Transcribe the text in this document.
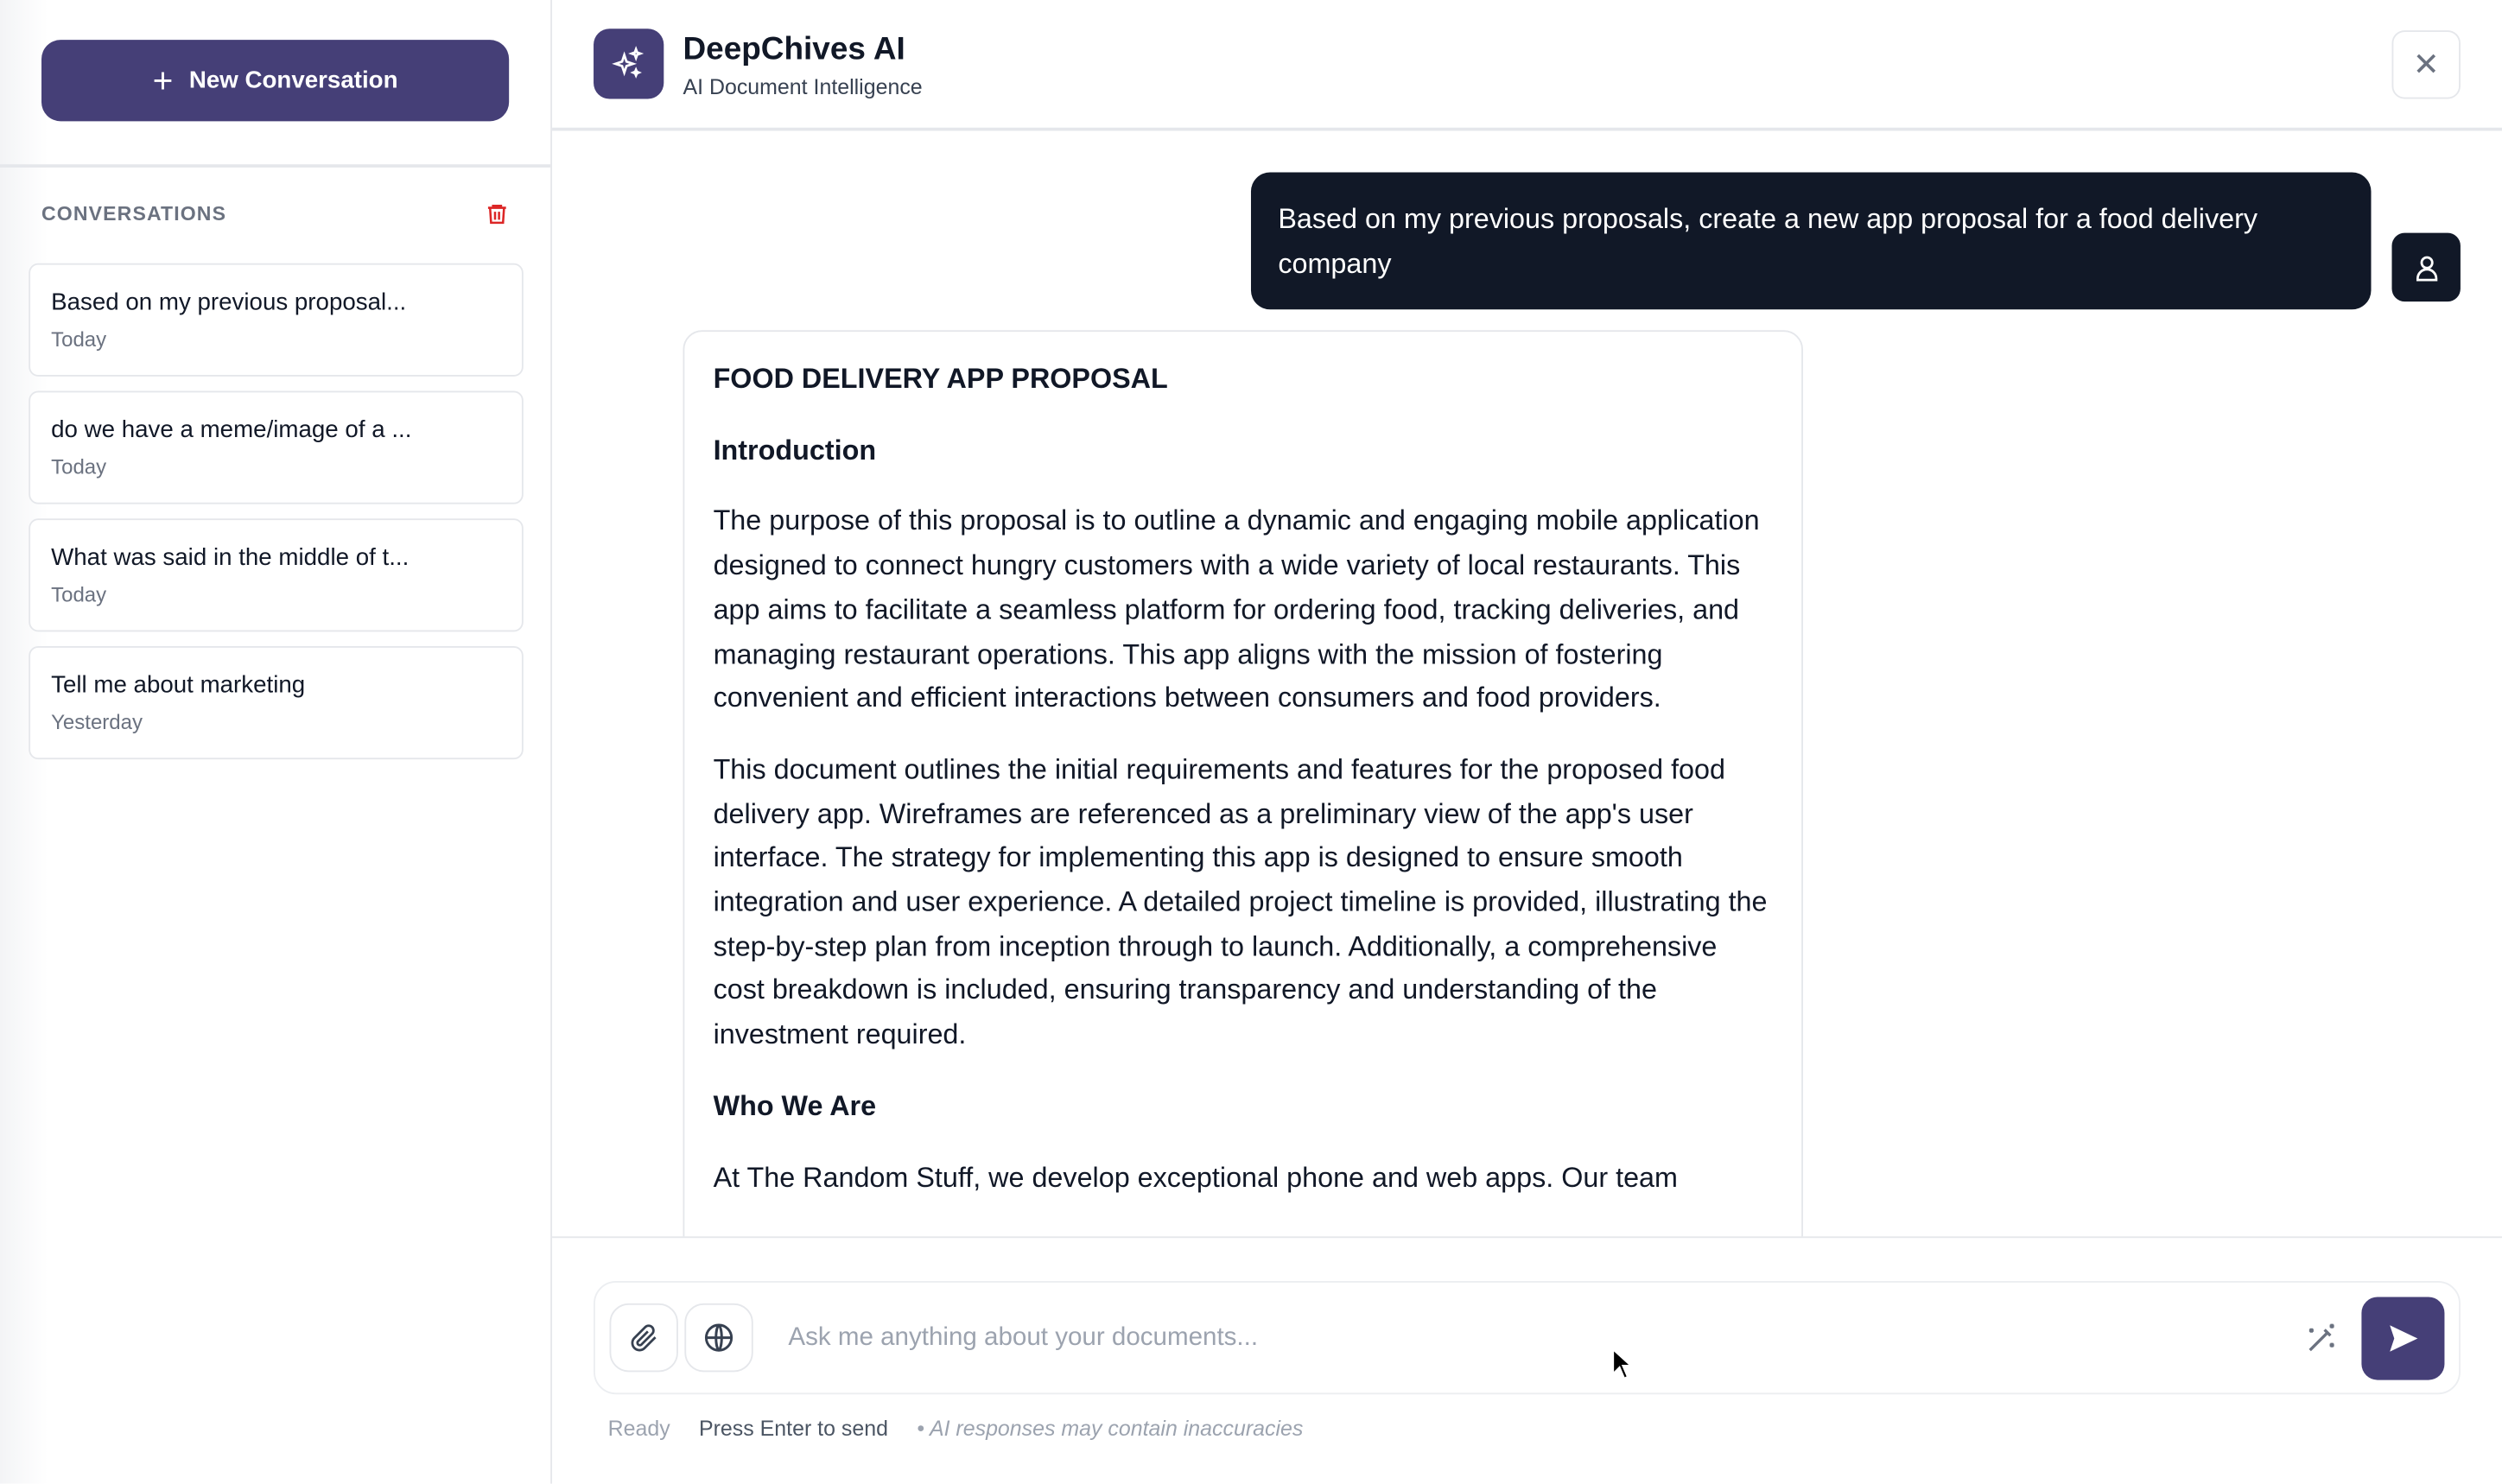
+ New Conversation
CONVERSATIONS
Based on my previous proposal...
Today
do we have a meme/image of a ...
Today
What was said in the middle of t...
Today
Tell me about marketing
Yesterday
DeepChives AI
AI Document Intelligence
✕
Based on my previous proposals, create a new app proposal for a food delivery company
FOOD DELIVERY APP PROPOSAL
Introduction

The purpose of this proposal is to outline a dynamic and engaging mobile application designed to connect hungry customers with a wide variety of local restaurants. This app aims to facilitate a seamless platform for ordering food, tracking deliveries, and managing restaurant operations. This app aligns with the mission of fostering convenient and efficient interactions between consumers and food providers.

This document outlines the initial requirements and features for the proposed food delivery app. Wireframes are referenced as a preliminary view of the app's user interface. The strategy for implementing this app is designed to ensure smooth integration and user experience. A detailed project timeline is provided, illustrating the step-by-step plan from inception through to launch. Additionally, a comprehensive cost breakdown is included, ensuring transparency and understanding of the investment required.

Who We Are

At The Random Stuff, we develop exceptional phone and web apps. Our team

Ask me anything about your documents...
Ready Press Enter to send • AI responses may contain inaccuracies
